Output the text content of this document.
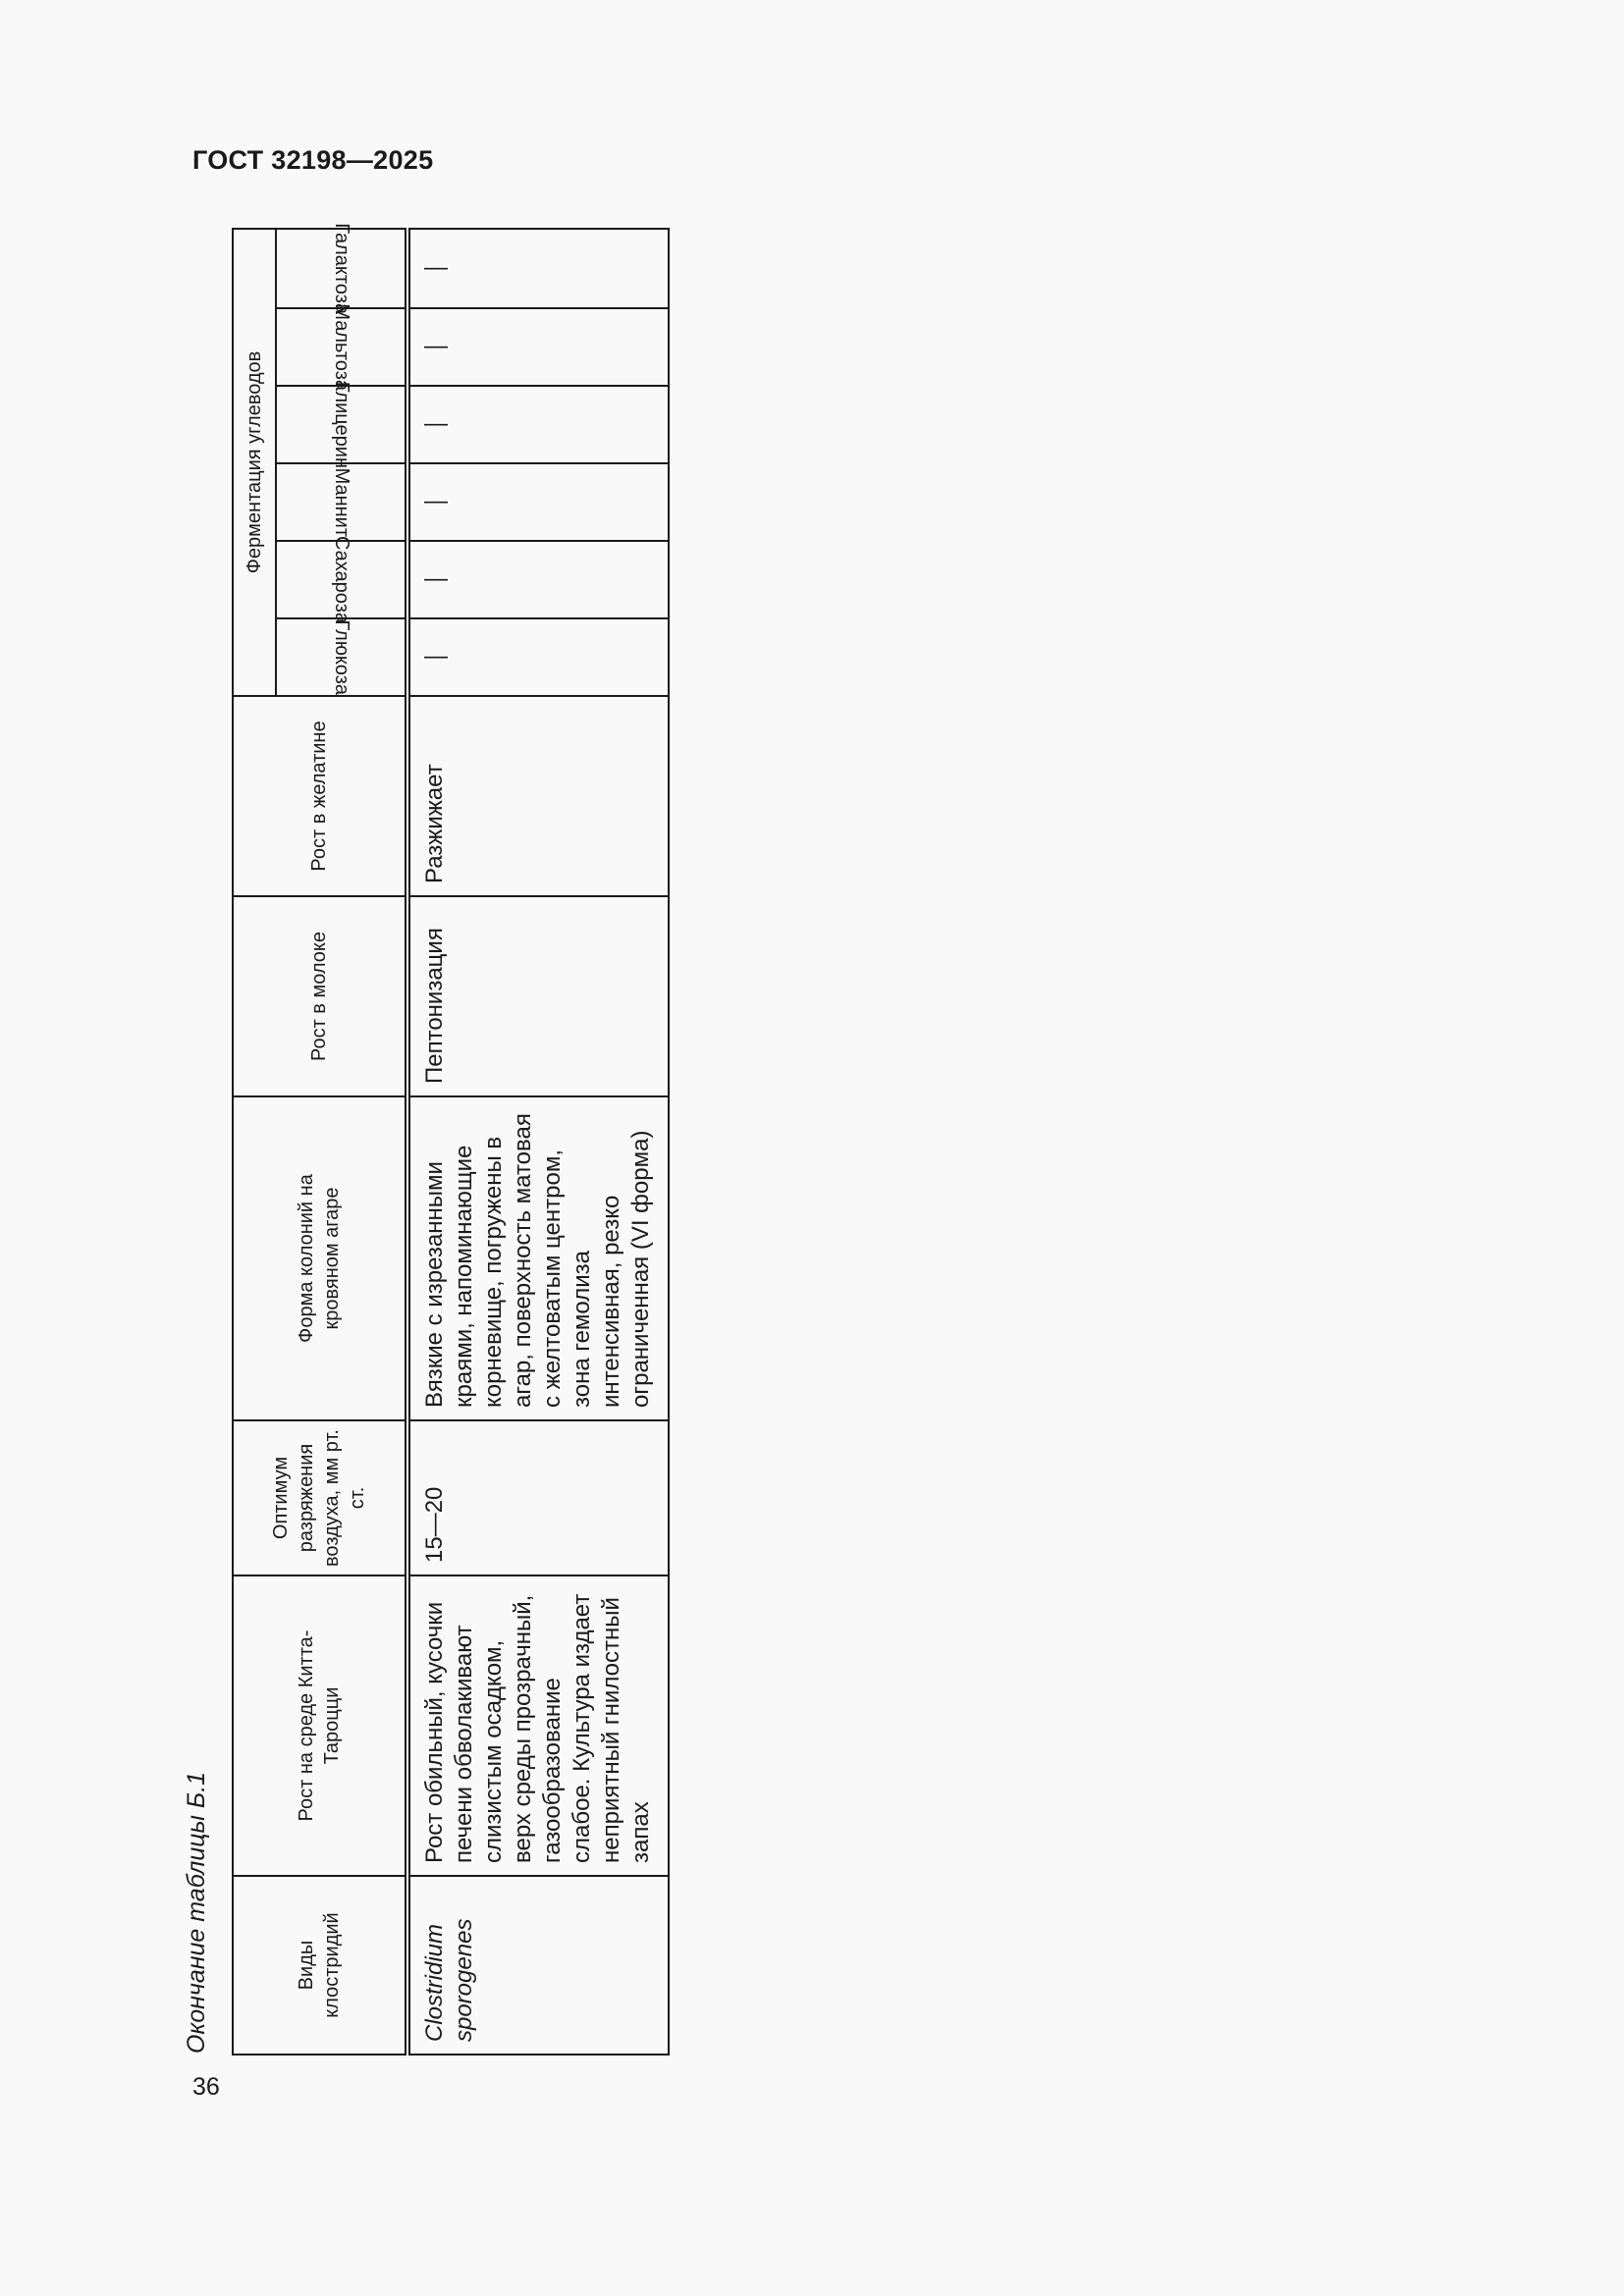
ГОСТ 32198—2025
Окончание таблицы Б.1
36
Виды клостридий	Рост на среде Китта-Тароцци	Оптимум разряжения воздуха, мм рт. ст.	Форма колоний на кровяном агаре	Рост в молоке	Рост в желатине	Ферментация углеводов					

						Глюкоза	Сахароза	Маннит	Глицерин	Мальтоза	Галактоза

Clostridium sporogenes	Рост обильный, кусочки печени обволакивают слизистым осадком, верх среды прозрачный, газообразование слабое. Культура издает неприятный гнилостный запах	15—20	Вязкие с изрезанными краями, напоминающие корневище, погружены в агар, поверхность матовая с желтоватым центром, зона гемолиза интенсивная, резко ограниченная (VI форма)	Пептонизация	Разжижает	—	—	—	—	—	—
